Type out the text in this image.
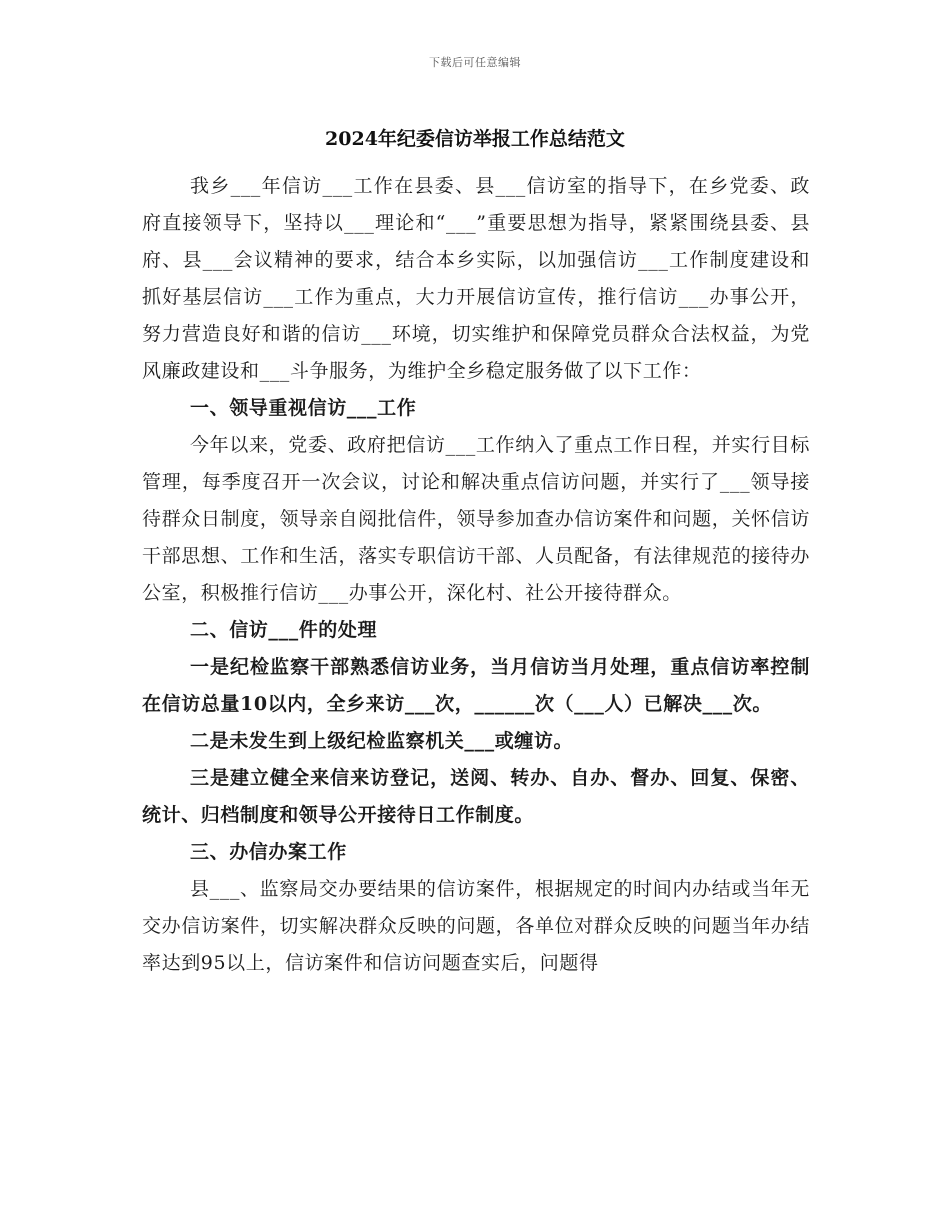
下载后可任意编辑
2024年纪委信访举报工作总结范文

我乡___年信访___工作在县委、县___信访室的指导下，在乡党委、政府直接领导下，坚持以___理论和“___”重要思想为指导，紧紧围绕县委、县府、县___会议精神的要求，结合本乡实际，以加强信访___工作制度建设和抓好基层信访___工作为重点，大力开展信访宣传，推行信访___办事公开，努力营造良好和谐的信访___环境，切实维护和保障党员群众合法权益，为党风廉政建设和___斗争服务，为维护全乡稳定服务做了以下工作：

一、领导重视信访___工作

今年以来，党委、政府把信访___工作纳入了重点工作日程，并实行目标管理，每季度召开一次会议，讨论和解决重点信访问题，并实行了___领导接待群众日制度，领导亲自阅批信件，领导参加查办信访案件和问题，关怀信访干部思想、工作和生活，落实专职信访干部、人员配备，有法律规范的接待办公室，积极推行信访___办事公开，深化村、社公开接待群众。

二、信访___件的处理

一是纪检监察干部熟悉信访业务，当月信访当月处理，重点信访率控制在信访总量10以内，全乡来访___次，______次（___人）已解决___次。

二是未发生到上级纪检监察机关___或缠访。

三是建立健全来信来访登记，送阅、转办、自办、督办、回复、保密、统计、归档制度和领导公开接待日工作制度。

三、办信办案工作

县___、监察局交办要结果的信访案件，根据规定的时间内办结或当年无交办信访案件，切实解决群众反映的问题，各单位对群众反映的问题当年办结率达到95以上，信访案件和信访问题查实后，问题得
